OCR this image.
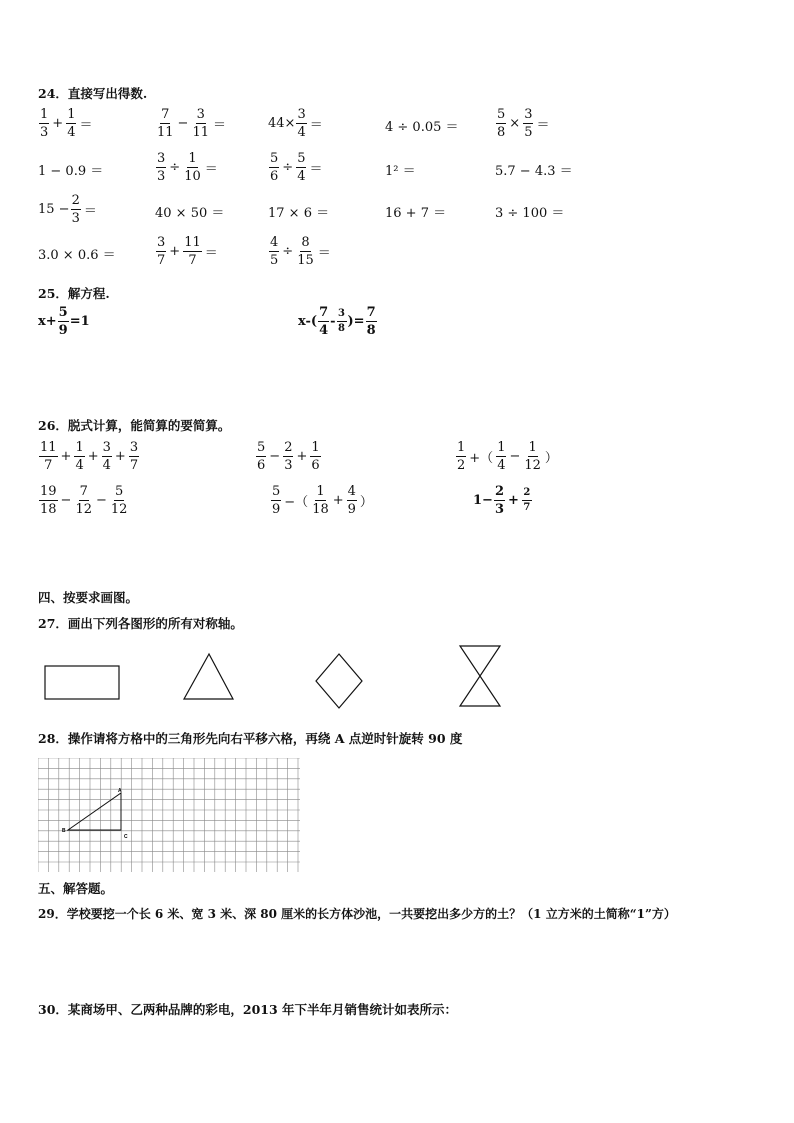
24．直接写出得数.
$\frac{1}{3} + \frac{1}{4}$ ＝	$\frac{7}{11} - \frac{3}{11}$ ＝	$44\times \frac{3}{4}$ ＝	4 ÷ 0.05 ＝	$\frac{5}{8} \times \frac{3}{5}$ ＝
1 − 0.9 ＝	$\frac{3}{3} \div \frac{1}{10}$ ＝	$\frac{5}{6} \div \frac{5}{4}$ ＝	1² ＝	5.7 − 4.3 ＝
$15 - \frac{2}{3}$ ＝	40 × 50 ＝	17 × 6 ＝	16 + 7 ＝	3 ÷ 100 ＝
3.0 × 0.6 ＝	$\frac{3}{7} + \frac{11}{7}$ ＝	$\frac{4}{5} \div \frac{8}{15}$ ＝
25．解方程.
$x+ \frac{5}{9} =1$	$x-( \frac{7}{4} - \frac{3}{8}$ )= $\frac{7}{8}$
26．脱式计算，能简算的要简算。
$\frac{11}{7} + \frac{1}{4} + \frac{3}{4} + \frac{3}{7}$	$\frac{5}{6} - \frac{2}{3} + \frac{1}{6}$	$\frac{1}{2}$ +（ $\frac{1}{4} - \frac{1}{12}$ ）
$\frac{19}{18} - \frac{7}{12} - \frac{5}{12}$	$\frac{5}{9}$ −（ $\frac{1}{18} + \frac{4}{9}$ ）	$1- \frac{2}{3} + \frac{2}{7}$
四、按要求画图。
27．画出下列各图形的所有对称轴。
28．操作请将方格中的三角形先向右平移六格，再绕 A 点逆时针旋转 90 度
A
B
C
五、解答题。
29．学校要挖一个长 6 米、宽 3 米、深 80 厘米的长方体沙池，一共要挖出多少方的土？（1 立方米的土简称“1”方）
30．某商场甲、乙两种品牌的彩电，2013 年下半年月销售统计如表所示：
